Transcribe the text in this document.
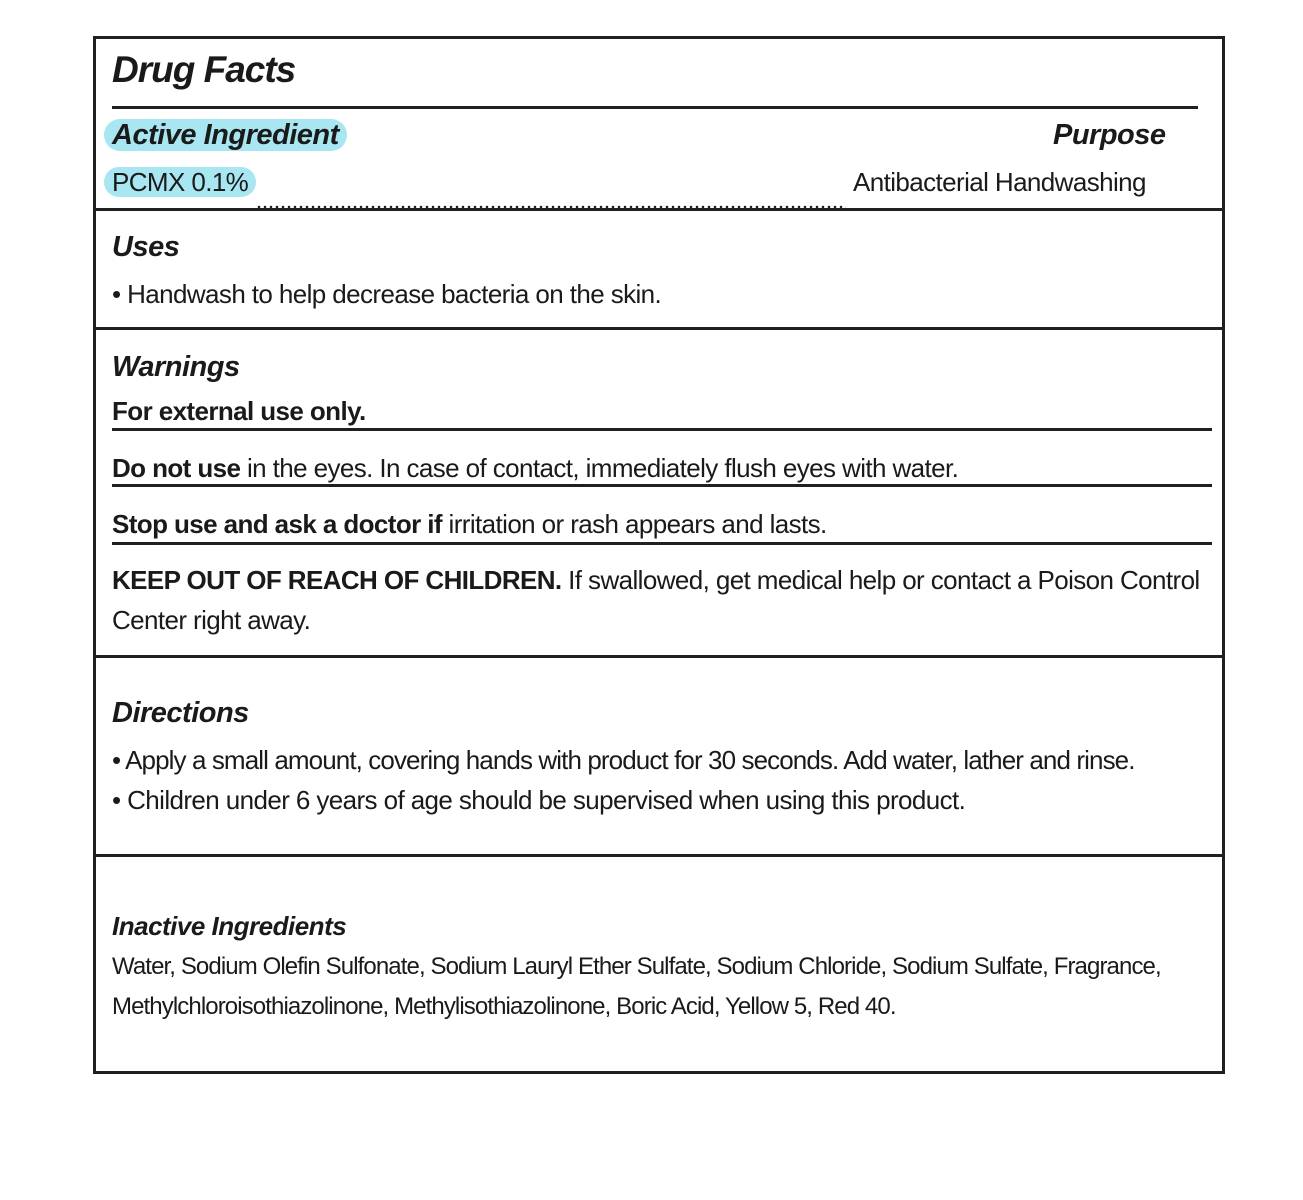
Drug Facts
Active Ingredient	Purpose
PCMX 0.1%	Antibacterial Handwashing
Uses
• Handwash to help decrease bacteria on the skin.
Warnings
For external use only.
Do not use in the eyes. In case of contact, immediately flush eyes with water.
Stop use and ask a doctor if irritation or rash appears and lasts.
KEEP OUT OF REACH OF CHILDREN. If swallowed, get medical help or contact a Poison Control
Center right away.
Directions
• Apply a small amount, covering hands with product for 30 seconds. Add water, lather and rinse.
• Children under 6 years of age should be supervised when using this product.
Inactive Ingredients
Water, Sodium Olefin Sulfonate, Sodium Lauryl Ether Sulfate, Sodium Chloride, Sodium Sulfate, Fragrance,
Methylchloroisothiazolinone, Methylisothiazolinone, Boric Acid, Yellow 5, Red 40.
